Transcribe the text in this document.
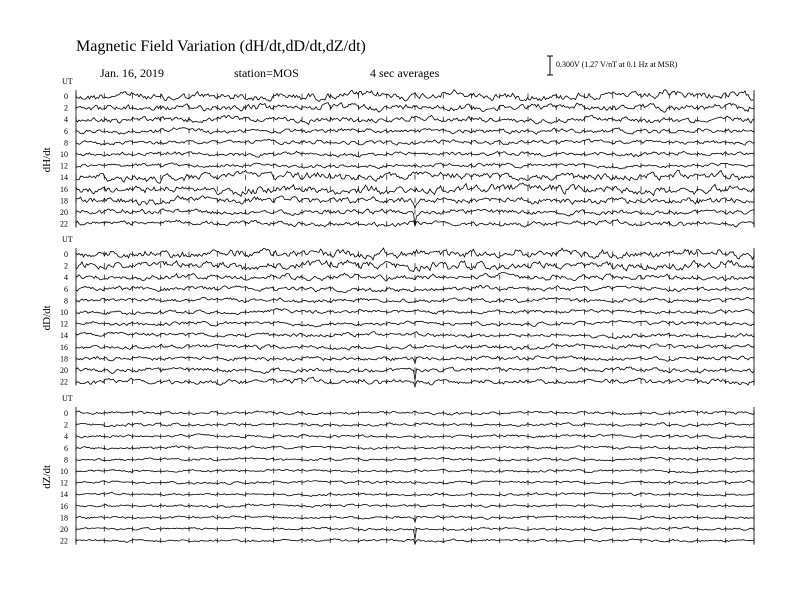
Magnetic Field Variation (dH/dt,dD/dt,dZ/dt)
Jan. 16, 2019	station=MOS	4 sec averages
0.300V (1.27 V/nT at 0.1 Hz at MSR)
UT
dH/dt
0
2
4
6
8
10
12
14
16
18
20
22
UT
dD/dt
0
2
4
6
8
10
12
14
16
18
20
22
UT
dZ/dt
0
2
4
6
8
10
12
14
16
18
20
22
